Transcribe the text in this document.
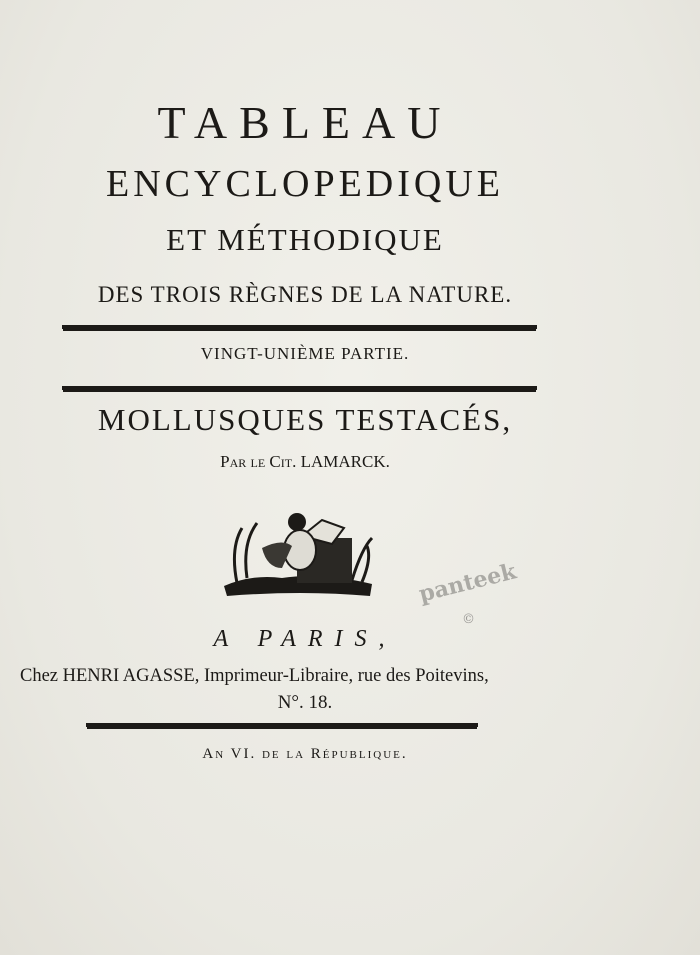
TABLEAU
ENCYCLOPEDIQUE
ET MÉTHODIQUE
DES TROIS RÈGNES DE LA NATURE.
VINGT-UNIÈME PARTIE.
MOLLUSQUES TESTACÉS,
Par le Cit. LAMARCK.
panteek
©
A PARIS,
Chez HENRI AGASSE, Imprimeur-Libraire, rue des Poitevins,
N°. 18.
An VI. de la République.
